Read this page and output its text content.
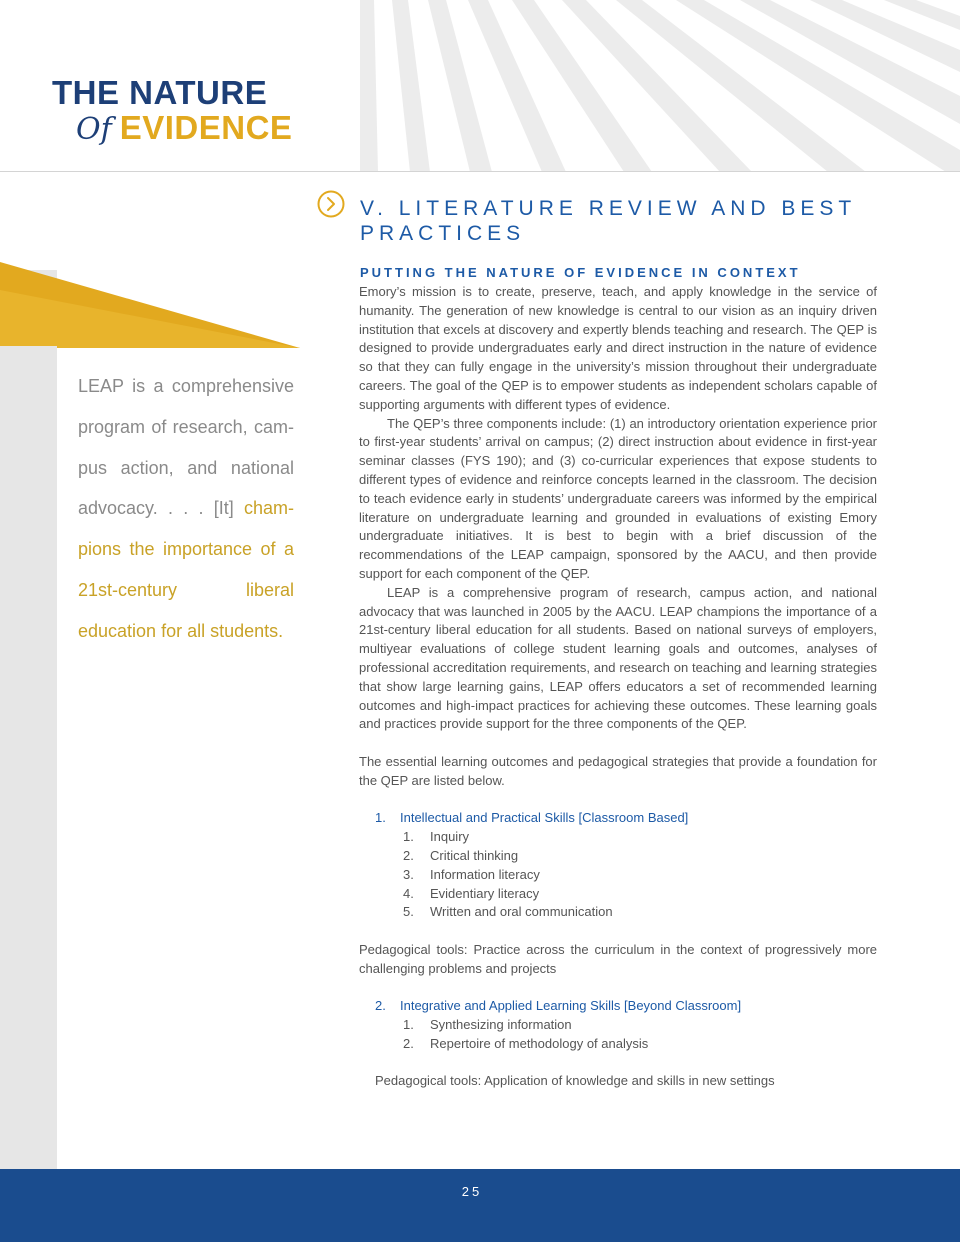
THE NATURE
Of EVIDENCE
LEAP is a comprehensive program of research, cam-pus action, and national advocacy. . . . [It] cham-pions the importance of a 21st-century liberal education for all students.
V. LITERATURE REVIEW AND BEST PRACTICES
PUTTING THE NATURE OF EVIDENCE IN CONTEXT

Emory’s mission is to create, preserve, teach, and apply knowledge in the service of humanity. The generation of new knowledge is central to our vision as an inquiry driven institution that excels at discovery and expertly blends teaching and research. The QEP is designed to provide undergraduates early and direct instruction in the nature of evidence so that they can fully engage in the university’s mission throughout their undergraduate careers. The goal of the QEP is to empower students as independent scholars capable of supporting arguments with different types of evidence.

The QEP’s three components include: (1) an introductory orientation experience prior to first-year students’ arrival on campus; (2) direct instruction about evidence in first-year seminar classes (FYS 190); and (3) co-curricular experiences that expose students to different types of evidence and reinforce concepts learned in the classroom. The decision to teach evidence early in students’ undergraduate careers was informed by the empirical literature on undergraduate learning and grounded in evaluations of existing Emory undergraduate initiatives. It is best to begin with a brief discussion of the recommendations of the LEAP campaign, sponsored by the AACU, and then provide support for each component of the QEP.

LEAP is a comprehensive program of research, campus action, and national advocacy that was launched in 2005 by the AACU. LEAP champions the importance of a 21st-century liberal education for all students. Based on national surveys of employers, multiyear evaluations of college student learning goals and outcomes, analyses of professional accreditation requirements, and research on teaching and learning strategies that show large learning gains, LEAP offers educators a set of recommended learning outcomes and high-impact practices for achieving these outcomes. These learning goals and practices provide support for the three components of the QEP.

The essential learning outcomes and pedagogical strategies that provide a foundation for the QEP are listed below.

1. Intellectual and Practical Skills [Classroom Based]
1. Inquiry
2. Critical thinking
3. Information literacy
4. Evidentiary literacy
5. Written and oral communication

Pedagogical tools: Practice across the curriculum in the context of progressively more challenging problems and projects

2. Integrative and Applied Learning Skills [Beyond Classroom]
1. Synthesizing information
2. Repertoire of methodology of analysis

Pedagogical tools: Application of knowledge and skills in new settings

25
